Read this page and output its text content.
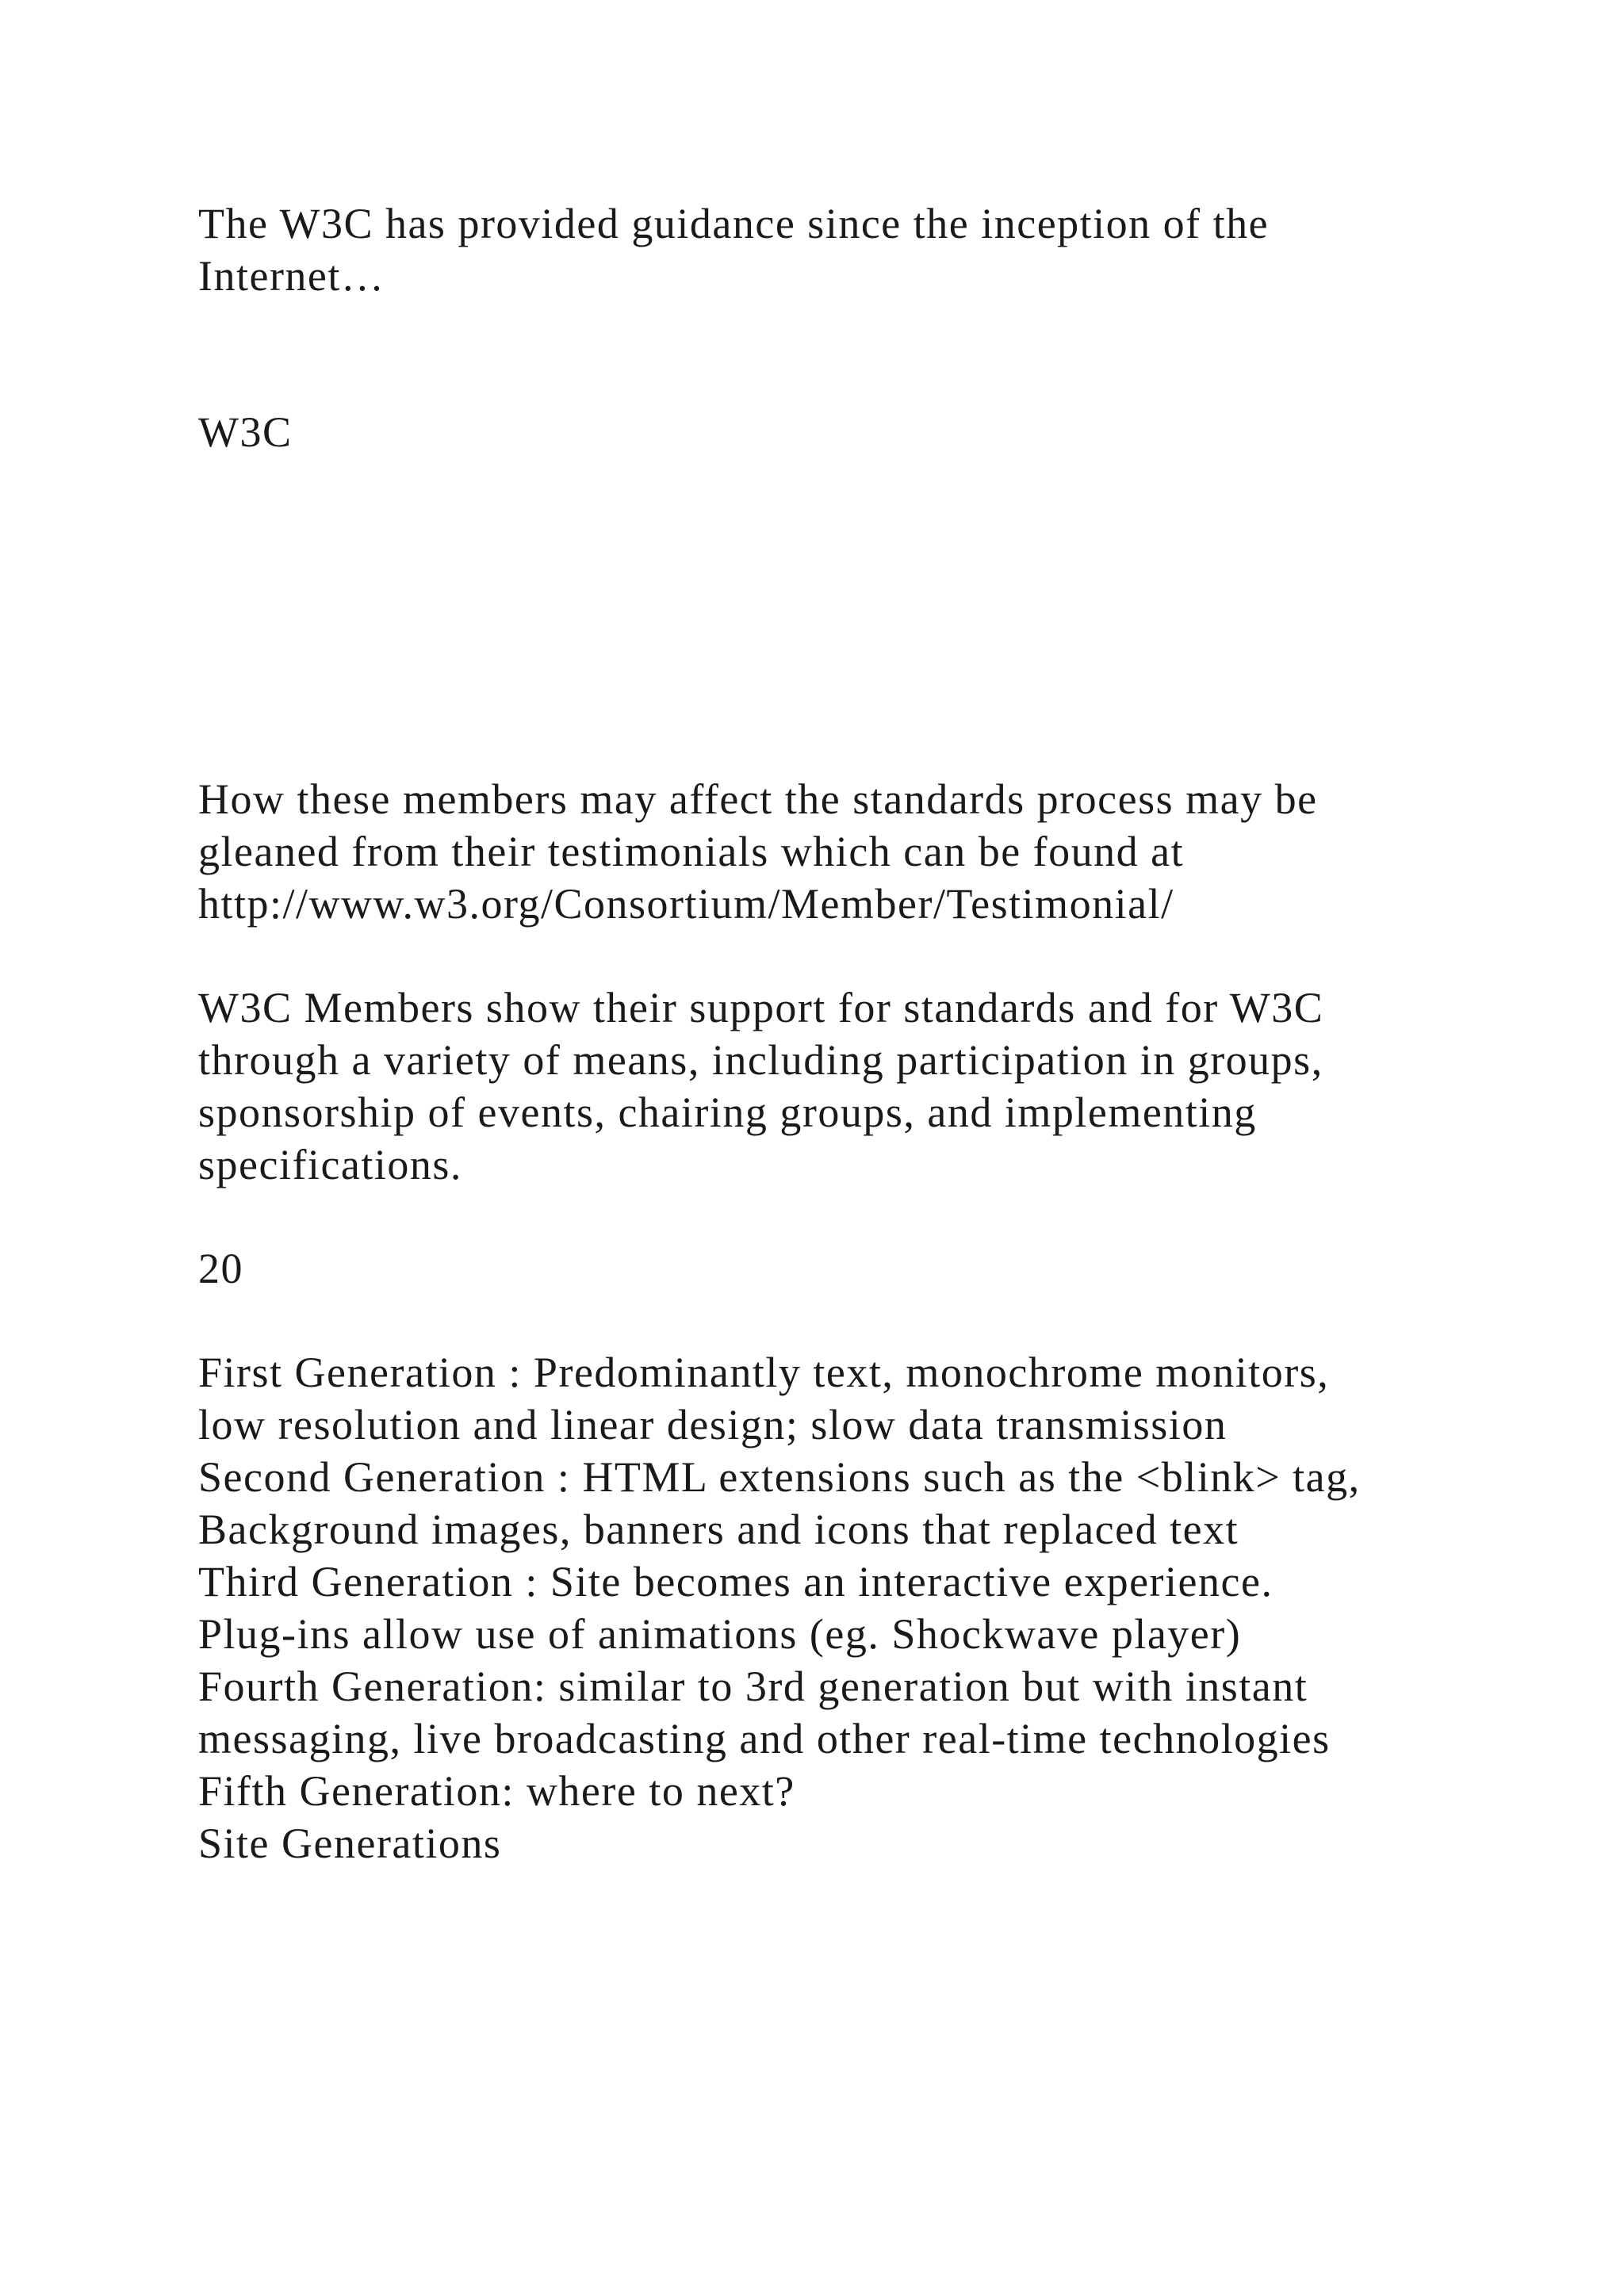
The W3C has provided guidance since the inception of the
Internet…
W3C
How these members may affect the standards process may be
gleaned from their testimonials which can be found at
http://www.w3.org/Consortium/Member/Testimonial/
W3C Members show their support for standards and for W3C
through a variety of means, including participation in groups,
sponsorship of events, chairing groups, and implementing
specifications.
20
First Generation : Predominantly text, monochrome monitors,
low resolution and linear design; slow data transmission
Second Generation : HTML extensions such as the <blink> tag,
Background images, banners and icons that replaced text
Third Generation : Site becomes an interactive experience.
Plug-ins allow use of animations (eg. Shockwave player)
Fourth Generation: similar to 3rd generation but with instant
messaging, live broadcasting and other real-time technologies
Fifth Generation: where to next?
Site Generations
